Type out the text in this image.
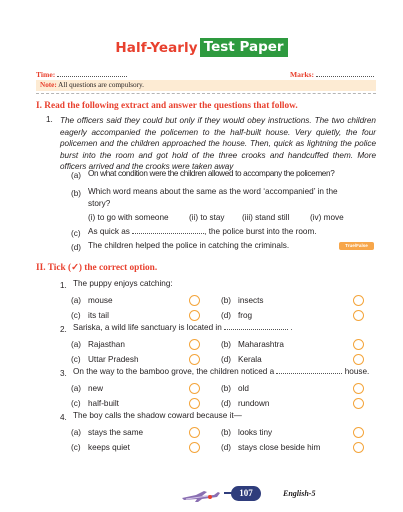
Half-Yearly Test Paper
Time:	Marks:
Note: All questions are compulsory.
I. Read the following extract and answer the questions that follow.
1. The officers said they could but only if they would obey instructions. The two children eagerly accompanied the policemen to the half-built house. Very quietly, the four policemen and the children approached the house. Then, quick as lightning the police burst into the room and got hold of the three crooks and handcuffed them. More officers arrived and the crooks were taken away
(a) On what condition were the children allowed to accompany the policemen?
(b) Which word means about the same as the word ‘accompanied’ in the
story?
(i) to go with someone (ii) to stay (iii) stand still	(iv) move
(c) As quick as	, the police burst into the room.
(d) The children helped the police in catching the criminals.	True/False
II. Tick (✓) the correct option.
1. The puppy enjoys catching:
(a) mouse	(b) insects
(c) its tail	(d) frog
2. Sariska, a wild life sanctuary is located in	.
(a) Rajasthan	(b) Maharashtra
(c) Uttar Pradesh	(d) Kerala
3. On the way to the bamboo grove, the children noticed a	house.
(a) new	(b) old
(c) half-built	(d) rundown
4. The boy calls the shadow coward because it—
(a) stays the same	(b) looks tiny
(c) keeps quiet	(d) stays close beside him
107	English-5
